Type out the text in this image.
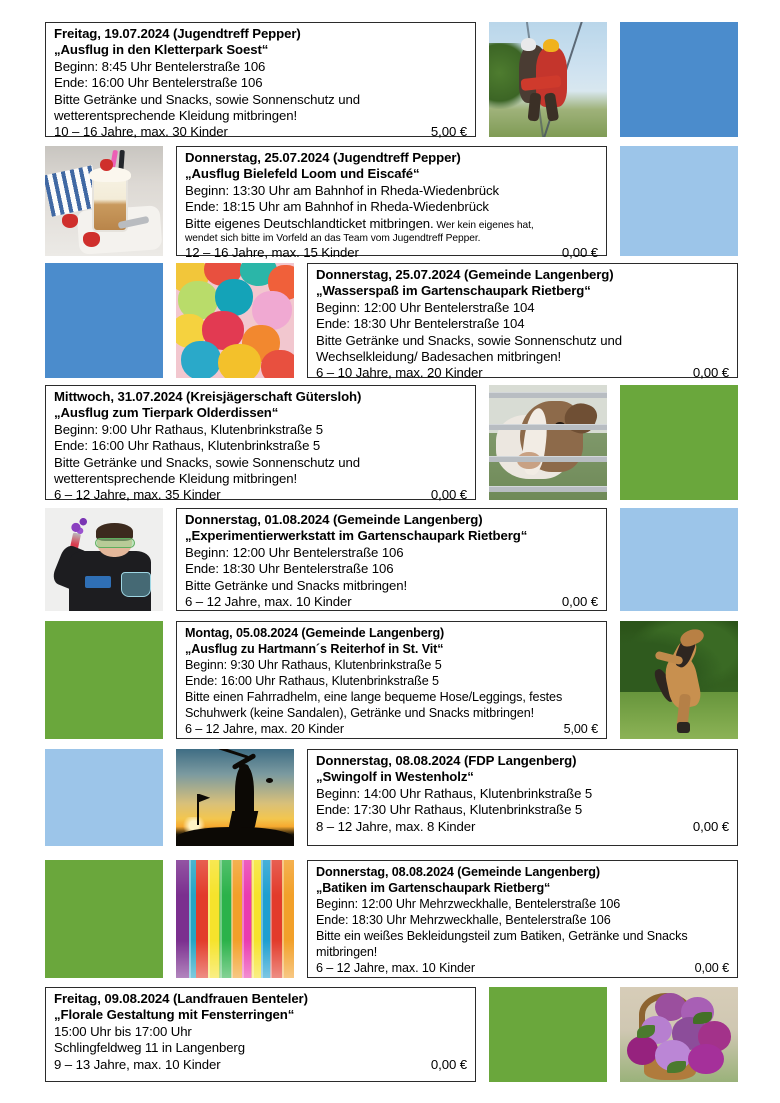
Freitag, 19.07.2024 (Jugendtreff Pepper)
„Ausflug in den Kletterpark Soest“
Beginn: 8:45 Uhr Bentelerstraße 106
Ende: 16:00 Uhr Bentelerstraße 106
Bitte Getränke und Snacks, sowie Sonnenschutz und
wetterentsprechende Kleidung mitbringen!
10 – 16 Jahre, max. 30 Kinder	5,00 €
Donnerstag, 25.07.2024 (Jugendtreff Pepper)
„Ausflug Bielefeld Loom und Eiscafé“
Beginn: 13:30 Uhr am Bahnhof in Rheda-Wiedenbrück
Ende: 18:15 Uhr am Bahnhof in Rheda-Wiedenbrück
Bitte eigenes Deutschlandticket mitbringen. Wer kein eigenes hat,
wendet sich bitte im Vorfeld an das Team vom Jugendtreff Pepper.
12 – 16 Jahre, max. 15 Kinder	0,00 €
Donnerstag, 25.07.2024 (Gemeinde Langenberg)
„Wasserspaß im Gartenschaupark Rietberg“
Beginn: 12:00 Uhr Bentelerstraße 104
Ende: 18:30 Uhr Bentelerstraße 104
Bitte Getränke und Snacks, sowie Sonnenschutz und
Wechselkleidung/ Badesachen mitbringen!
6 – 10 Jahre, max. 20 Kinder	0,00 €
Mittwoch, 31.07.2024 (Kreisjägerschaft Gütersloh)
„Ausflug zum Tierpark Olderdissen“
Beginn: 9:00 Uhr Rathaus, Klutenbrinkstraße 5
Ende: 16:00 Uhr Rathaus, Klutenbrinkstraße 5
Bitte Getränke und Snacks, sowie Sonnenschutz und
wetterentsprechende Kleidung mitbringen!
6 – 12 Jahre, max. 35 Kinder	0,00 €
Donnerstag, 01.08.2024 (Gemeinde Langenberg)
„Experimentierwerkstatt im Gartenschaupark Rietberg“
Beginn: 12:00 Uhr Bentelerstraße 106
Ende: 18:30 Uhr Bentelerstraße 106
Bitte Getränke und Snacks mitbringen!
6 – 12 Jahre, max. 10 Kinder	0,00 €
Montag, 05.08.2024 (Gemeinde Langenberg)
„Ausflug zu Hartmann´s Reiterhof in St. Vit“
Beginn: 9:30 Uhr Rathaus, Klutenbrinkstraße 5
Ende: 16:00 Uhr Rathaus, Klutenbrinkstraße 5
Bitte einen Fahrradhelm, eine lange bequeme Hose/Leggings, festes
Schuhwerk (keine Sandalen), Getränke und Snacks mitbringen!
6 – 12 Jahre, max. 20 Kinder	5,00 €
Donnerstag, 08.08.2024 (FDP Langenberg)
„Swingolf in Westenholz“
Beginn: 14:00 Uhr Rathaus, Klutenbrinkstraße 5
Ende: 17:30 Uhr Rathaus, Klutenbrinkstraße 5
8 – 12 Jahre, max. 8 Kinder	0,00 €
Donnerstag, 08.08.2024 (Gemeinde Langenberg)
„Batiken im Gartenschaupark Rietberg“
Beginn: 12:00 Uhr Mehrzweckhalle, Bentelerstraße 106
Ende: 18:30 Uhr Mehrzweckhalle, Bentelerstraße 106
Bitte ein weißes Bekleidungsteil zum Batiken, Getränke und Snacks
mitbringen!
6 – 12 Jahre, max. 10 Kinder	0,00 €
Freitag, 09.08.2024 (Landfrauen Benteler)
„Florale Gestaltung mit Fensterringen“
15:00 Uhr bis 17:00 Uhr
Schlingfeldweg 11 in Langenberg
9 – 13 Jahre, max. 10 Kinder	0,00 €
